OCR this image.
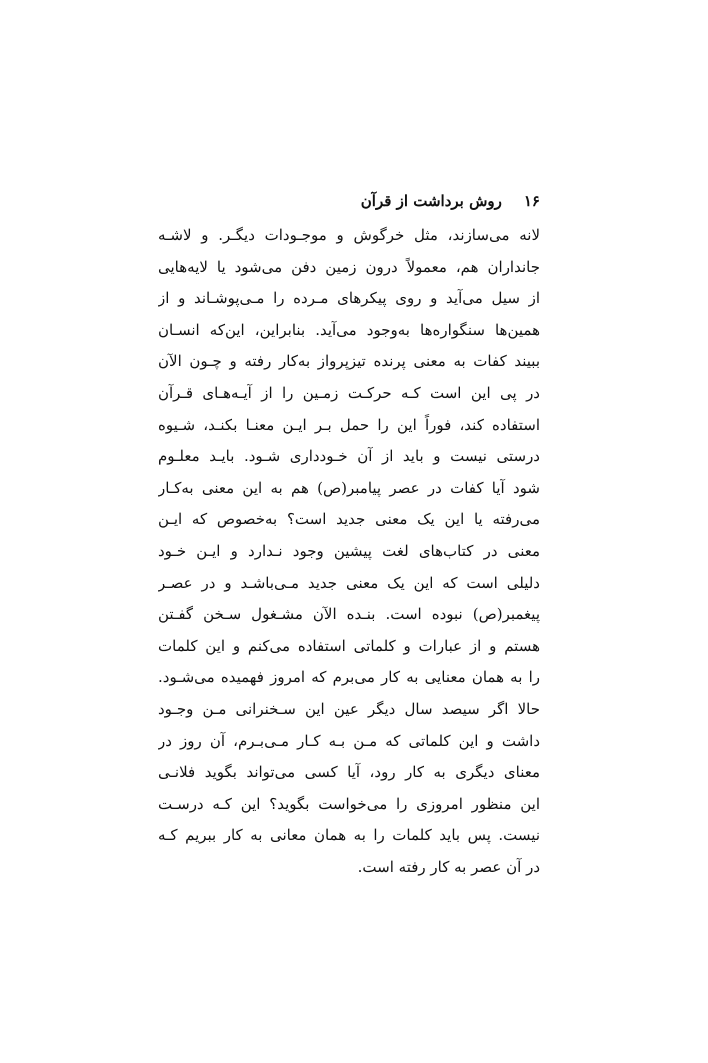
۱۶روش برداشت از قرآن
لانه می‌سازند، مثل خرگوش و موجـودات دیگـر. و لاشـه
جانداران هم، معمولاً درون زمین دفن می‌شود یا لایه‌هایی
از سیل می‌آید و روی پیکرهای مـرده را مـی‌پوشـاند و از
همین‌ها سنگواره‌ها به‌وجود می‌آید. بنابراین، این‌که انسـان
ببیند کفات به معنی پرنده تیزپرواز به‌کار رفته و چـون الآن
در پی این است کـه حرکـت زمـین را از آیـه‌هـای قـرآن
استفاده کند، فوراً این را حمل بـر ایـن معنـا بکنـد، شـیوه
درستی نیست و باید از آن خـودداری شـود. بایـد معلـوم
شود آیا کفات در عصر پیامبر(ص) هم به این معنی به‌کـار
می‌رفته یا این یک معنی جدید است؟ به‌خصوص که ایـن
معنی در کتاب‌های لغت پیشین وجود نـدارد و ایـن خـود
دلیلی است که این یک معنی جدید مـی‌باشـد و در عصـر
پیغمبر(ص) نبوده است. بنـده الآن مشـغول سـخن گفـتن
هستم و از عبارات و کلماتی استفاده می‌کنم و این کلمات
را به همان معنایی به کار می‌برم که امروز فهمیده می‌شـود.
حالا اگر سیصد سال دیگر عین این سـخنرانی مـن وجـود
داشت و این کلماتی که مـن بـه کـار مـی‌بـرم، آن روز در
معنای دیگری به کار رود، آیا کسی می‌تواند بگوید فلانـی
این منظور امروزی را می‌خواست بگوید؟ این کـه درسـت
نیست. پس باید کلمات را به همان معانی به کار ببریم کـه
در آن عصر به کار رفته است.
